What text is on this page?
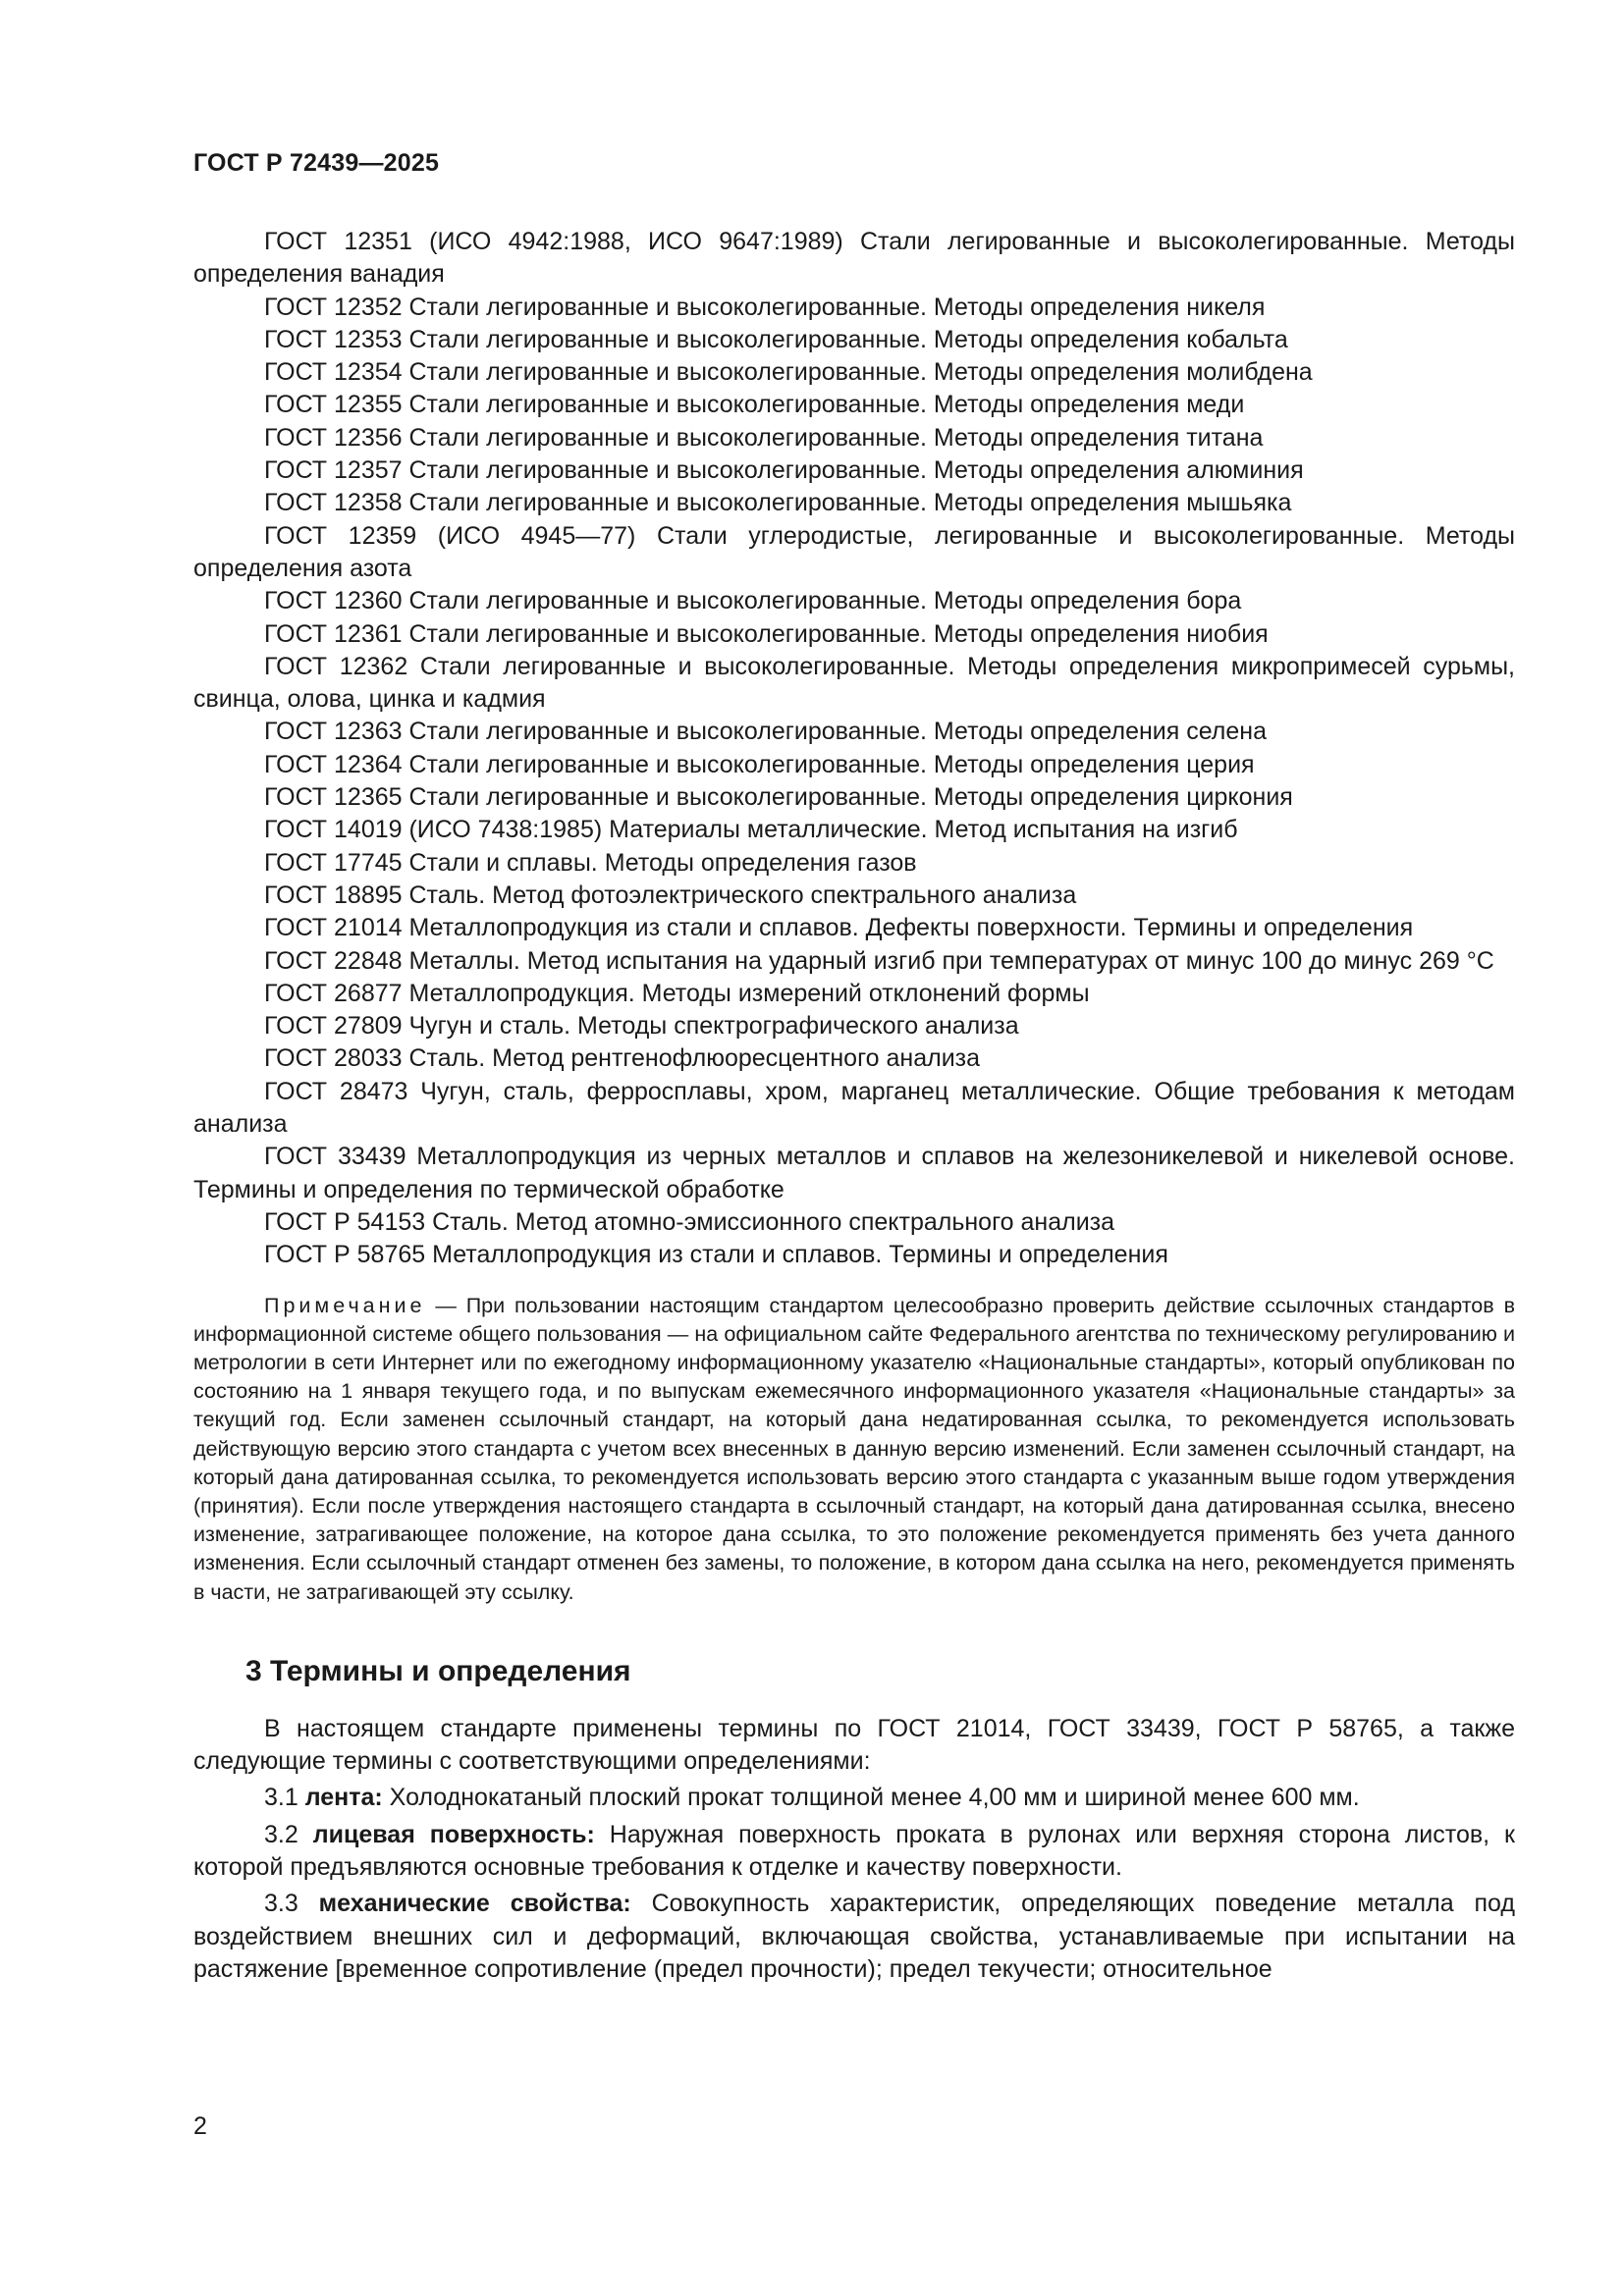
ГОСТ Р 72439—2025

ГОСТ 12351 (ИСО 4942:1988, ИСО 9647:1989) Стали легированные и высоколегированные. Методы определения ванадия

ГОСТ 12352 Стали легированные и высоколегированные. Методы определения никеля

ГОСТ 12353 Стали легированные и высоколегированные. Методы определения кобальта

ГОСТ 12354 Стали легированные и высоколегированные. Методы определения молибдена

ГОСТ 12355 Стали легированные и высоколегированные. Методы определения меди

ГОСТ 12356 Стали легированные и высоколегированные. Методы определения титана

ГОСТ 12357 Стали легированные и высоколегированные. Методы определения алюминия

ГОСТ 12358 Стали легированные и высоколегированные. Методы определения мышьяка

ГОСТ 12359 (ИСО 4945—77) Стали углеродистые, легированные и высоколегированные. Методы определения азота

ГОСТ 12360 Стали легированные и высоколегированные. Методы определения бора

ГОСТ 12361 Стали легированные и высоколегированные. Методы определения ниобия

ГОСТ 12362 Стали легированные и высоколегированные. Методы определения микропримесей сурьмы, свинца, олова, цинка и кадмия

ГОСТ 12363 Стали легированные и высоколегированные. Методы определения селена

ГОСТ 12364 Стали легированные и высоколегированные. Методы определения церия

ГОСТ 12365 Стали легированные и высоколегированные. Методы определения циркония

ГОСТ 14019 (ИСО 7438:1985) Материалы металлические. Метод испытания на изгиб

ГОСТ 17745 Стали и сплавы. Методы определения газов

ГОСТ 18895 Сталь. Метод фотоэлектрического спектрального анализа

ГОСТ 21014 Металлопродукция из стали и сплавов. Дефекты поверхности. Термины и определения

ГОСТ 22848 Металлы. Метод испытания на ударный изгиб при температурах от минус 100 до минус 269 °С

ГОСТ 26877 Металлопродукция. Методы измерений отклонений формы

ГОСТ 27809 Чугун и сталь. Методы спектрографического анализа

ГОСТ 28033 Сталь. Метод рентгенофлюоресцентного анализа

ГОСТ 28473 Чугун, сталь, ферросплавы, хром, марганец металлические. Общие требования к методам анализа

ГОСТ 33439 Металлопродукция из черных металлов и сплавов на железоникелевой и никелевой основе. Термины и определения по термической обработке

ГОСТ Р 54153 Сталь. Метод атомно-эмиссионного спектрального анализа

ГОСТ Р 58765 Металлопродукция из стали и сплавов. Термины и определения

Примечание — При пользовании настоящим стандартом целесообразно проверить действие ссылочных стандартов в информационной системе общего пользования — на официальном сайте Федерального агентства по техническому регулированию и метрологии в сети Интернет или по ежегодному информационному указателю «Национальные стандарты», который опубликован по состоянию на 1 января текущего года, и по выпускам ежемесячного информационного указателя «Национальные стандарты» за текущий год. Если заменен ссылочный стандарт, на который дана недатированная ссылка, то рекомендуется использовать действующую версию этого стандарта с учетом всех внесенных в данную версию изменений. Если заменен ссылочный стандарт, на который дана датированная ссылка, то рекомендуется использовать версию этого стандарта с указанным выше годом утверждения (принятия). Если после утверждения настоящего стандарта в ссылочный стандарт, на который дана датированная ссылка, внесено изменение, затрагивающее положение, на которое дана ссылка, то это положение рекомендуется применять без учета данного изменения. Если ссылочный стандарт отменен без замены, то положение, в котором дана ссылка на него, рекомендуется применять в части, не затрагивающей эту ссылку.

3 Термины и определения

В настоящем стандарте применены термины по ГОСТ 21014, ГОСТ 33439, ГОСТ Р 58765, а также следующие термины с соответствующими определениями:

3.1 лента: Холоднокатаный плоский прокат толщиной менее 4,00 мм и шириной менее 600 мм.

3.2 лицевая поверхность: Наружная поверхность проката в рулонах или верхняя сторона листов, к которой предъявляются основные требования к отделке и качеству поверхности.

3.3 механические свойства: Совокупность характеристик, определяющих поведение металла под воздействием внешних сил и деформаций, включающая свойства, устанавливаемые при испытании на растяжение [временное сопротивление (предел прочности); предел текучести; относительное

2
